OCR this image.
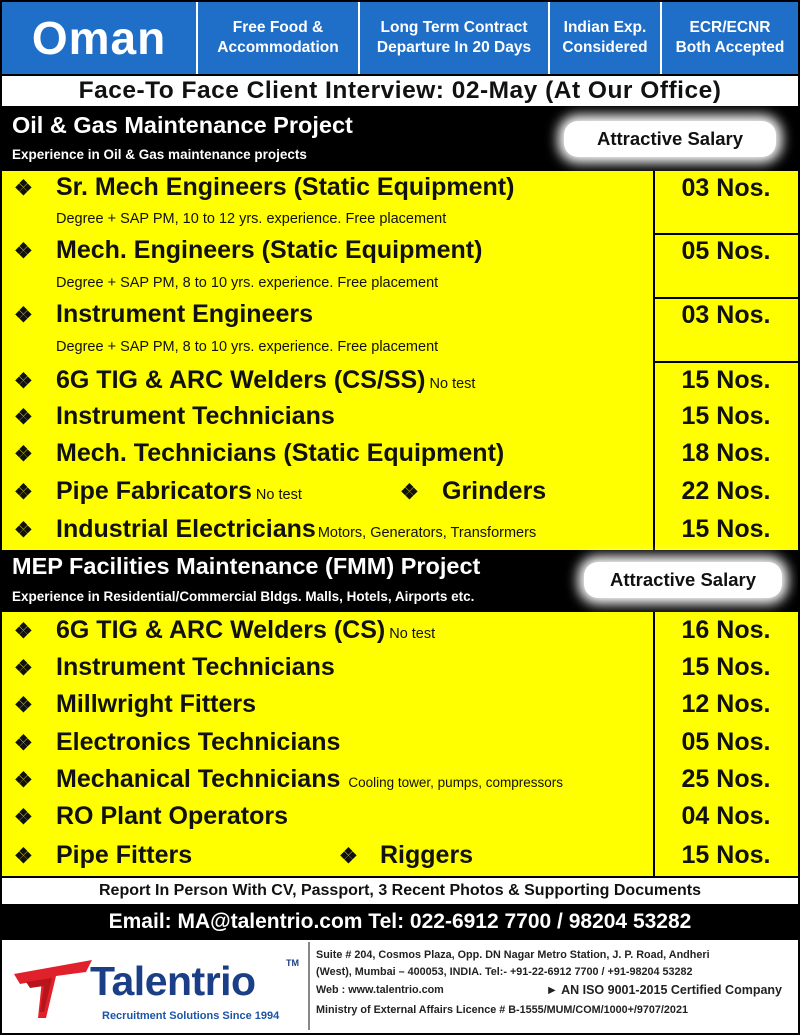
Oman	Free Food &
Accommodation
Long Term Contract
Departure In 20 Days
Indian Exp.
Considered
ECR/ECNR
Both Accepted
Face-To Face Client Interview: 02-May (At Our Office)
Oil & Gas Maintenance Project
Experience in Oil & Gas maintenance projects
Attractive Salary
❖ Sr. Mech Engineers (Static Equipment)
Degree + SAP PM, 10 to 12 yrs. experience. Free placement
03 Nos.
❖ Mech. Engineers (Static Equipment)
Degree + SAP PM, 8 to 10 yrs. experience. Free placement
05 Nos.
❖ Instrument Engineers
Degree + SAP PM, 8 to 10 yrs. experience. Free placement
03 Nos.
❖ 6G TIG & ARC Welders (CS/SS) No test	15 Nos.
❖ Instrument Technicians	15 Nos.
❖ Mech. Technicians (Static Equipment)	18 Nos.
❖ Pipe Fabricators No test	❖ Grinders	22 Nos.
❖ Industrial Electricians Motors, Generators, Transformers	15 Nos.
MEP Facilities Maintenance (FMM) Project
Experience in Residential/Commercial Bldgs. Malls, Hotels, Airports etc.
Attractive Salary
❖ 6G TIG & ARC Welders (CS) No test	16 Nos.
❖ Instrument Technicians	15 Nos.
❖ Millwright Fitters	12 Nos.
❖ Electronics Technicians	05 Nos.
❖ Mechanical Technicians Cooling tower, pumps, compressors	25 Nos.
❖ RO Plant Operators	04 Nos.
❖ Pipe Fitters	❖ Riggers	15 Nos.
Report In Person With CV, Passport, 3 Recent Photos & Supporting Documents
Email: MA@talentrio.com Tel: 022-6912 7700 / 98204 53282
Talentrio	TM
Recruitment Solutions Since 1994
Suite # 204, Cosmos Plaza, Opp. DN Nagar Metro Station, J. P. Road, Andheri
(West), Mumbai – 400053, INDIA. Tel:- +91-22-6912 7700 / +91-98204 53282
Web : www.talentrio.com	► AN ISO 9001-2015 Certified Company
Ministry of External Affairs Licence # B-1555/MUM/COM/1000+/9707/2021
